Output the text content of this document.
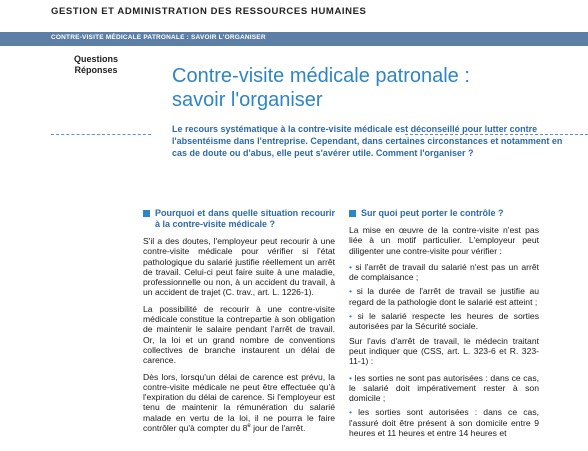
GESTION ET ADMINISTRATION DES RESSOURCES HUMAINES
CONTRE-VISITE MÉDICALE PATRONALE : SAVOIR L'ORGANISER
Questions
Réponses	Contre-visite médicale patronale :
savoir l'organiser
Le recours systématique à la contre-visite médicale est déconseillé pour lutter contre l'absentéisme dans l'entreprise. Cependant, dans certaines circonstances et notamment en cas de doute ou d'abus, elle peut s'avérer utile. Comment l'organiser ?
Pourquoi et dans quelle situation recourir à la contre-visite médicale ?

S'il a des doutes, l'employeur peut recourir à une contre-visite médicale pour vérifier si l'état pathologique du salarié justifie réellement un arrêt de travail. Celui-ci peut faire suite à une maladie, professionnelle ou non, à un accident du travail, à un accident de trajet (C. trav., art. L. 1226-1).

La possibilité de recourir à une contre-visite médicale constitue la contrepartie à son obligation de maintenir le salaire pendant l'arrêt de travail. Or, la loi et un grand nombre de conventions collectives de branche instaurent un délai de carence.

Dès lors, lorsqu'un délai de carence est prévu, la contre-visite médicale ne peut être effectuée qu'à l'expiration du délai de carence. Si l'employeur est tenu de maintenir la rémunération du salarié malade en vertu de la loi, il ne pourra le faire contrôler qu'à compter du 8e jour de l'arrêt.

Sur quoi peut porter le contrôle ?

La mise en œuvre de la contre-visite n'est pas liée à un motif particulier. L'employeur peut diligenter une contre-visite pour vérifier :

• si l'arrêt de travail du salarié n'est pas un arrêt de complaisance ;

• si la durée de l'arrêt de travail se justifie au regard de la pathologie dont le salarié est atteint ;

• si le salarié respecte les heures de sorties autorisées par la Sécurité sociale.

Sur l'avis d'arrêt de travail, le médecin traitant peut indiquer que (CSS, art. L. 323-6 et R. 323-11-1) :

• les sorties ne sont pas autorisées : dans ce cas, le salarié doit impérativement rester à son domicile ;

• les sorties sont autorisées : dans ce cas, l'assuré doit être présent à son domicile entre 9 heures et 11 heures et entre 14 heures et
